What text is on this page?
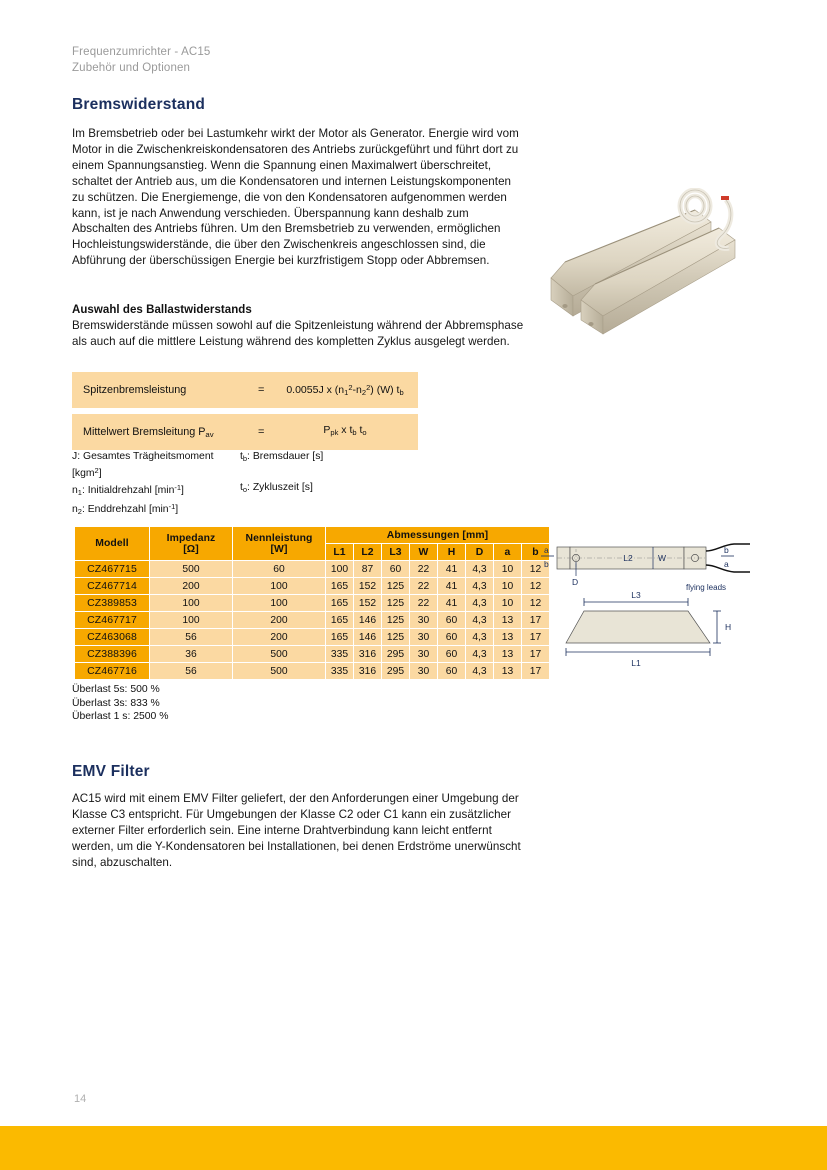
Frequenzumrichter - AC15
Zubehör und Optionen
Bremswiderstand
Im Bremsbetrieb oder bei Lastumkehr wirkt der Motor als Generator. Energie wird vom Motor in die Zwischenkreiskondensatoren des Antriebs zurückgeführt und führt dort zu einem Spannungsanstieg. Wenn die Spannung einen Maximalwert überschreitet, schaltet der Antrieb aus, um die Kondensatoren und internen Leistungskomponenten zu schützen. Die Energiemenge, die von den Kondensatoren aufgenommen werden kann, ist je nach Anwendung verschieden. Überspannung kann deshalb zum Abschalten des Antriebs führen. Um den Bremsbetrieb zu verwenden, ermöglichen Hochleistungswiderstände, die über den Zwischenkreis angeschlossen sind, die Abführung der überschüssigen Energie bei kurzfristigem Stopp oder Abbremsen.
Auswahl des Ballastwiderstands
Bremswiderstände müssen sowohl auf die Spitzenleistung während der Abbremsphase als auch auf die mittlere Leistung während des kompletten Zyklus ausgelegt werden.
Spitzenbremsleistung	=	0.0055J x $(n_1^2-n_2^2)$ (W) $t_b$
Mittelwert Bremsleitung $P_{av}$	=	$P_{pk}$ x $t_b$ $t_o$
J: Gesamtes Trägheitsmoment [kgm$^2$]
$t_b$: Bremsdauer [s]
$n_1$: Initialdrehzahl $[\min^{-1}]$	$t_o$: Zykluszeit [s]
$n_2$: Enddrehzahl $[\min^{-1}]$
Modell	Impedanz
[Ω]

Nennleistung
[W]
	Abmessungen [mm]
			L1	L2	L3	W	H	D	a	b
CZ467715	500	60	100	87	60	22	41	4,3	10	12
CZ467714	200	100	165	152	125	22	41	4,3	10	12
CZ389853	100	100	165	152	125	22	41	4,3	10	12
CZ467717	100	200	165	146	125	30	60	4,3	13	17
CZ463068	56	200	165	146	125	30	60	4,3	13	17
CZ388396	36	500	335	316	295	30	60	4,3	13	17
CZ467716	56	500	335	316	295	30	60	4,3	13	17
a
b
D
L2	W
flying leads
b
a
L3
H
L1
Überlast 5s: 500 %
Überlast 3s: 833 %
Überlast 1 s: 2500 %
EMV Filter
AC15 wird mit einem EMV Filter geliefert, der den Anforderungen einer Umgebung der Klasse C3 entspricht. Für Umgebungen der Klasse C2 oder C1 kann ein zusätzlicher externer Filter erforderlich sein. Eine interne Drahtverbindung kann leicht entfernt werden, um die Y-Kondensatoren bei Installationen, bei denen Erdströme unerwünscht sind, abzuschalten.
14
